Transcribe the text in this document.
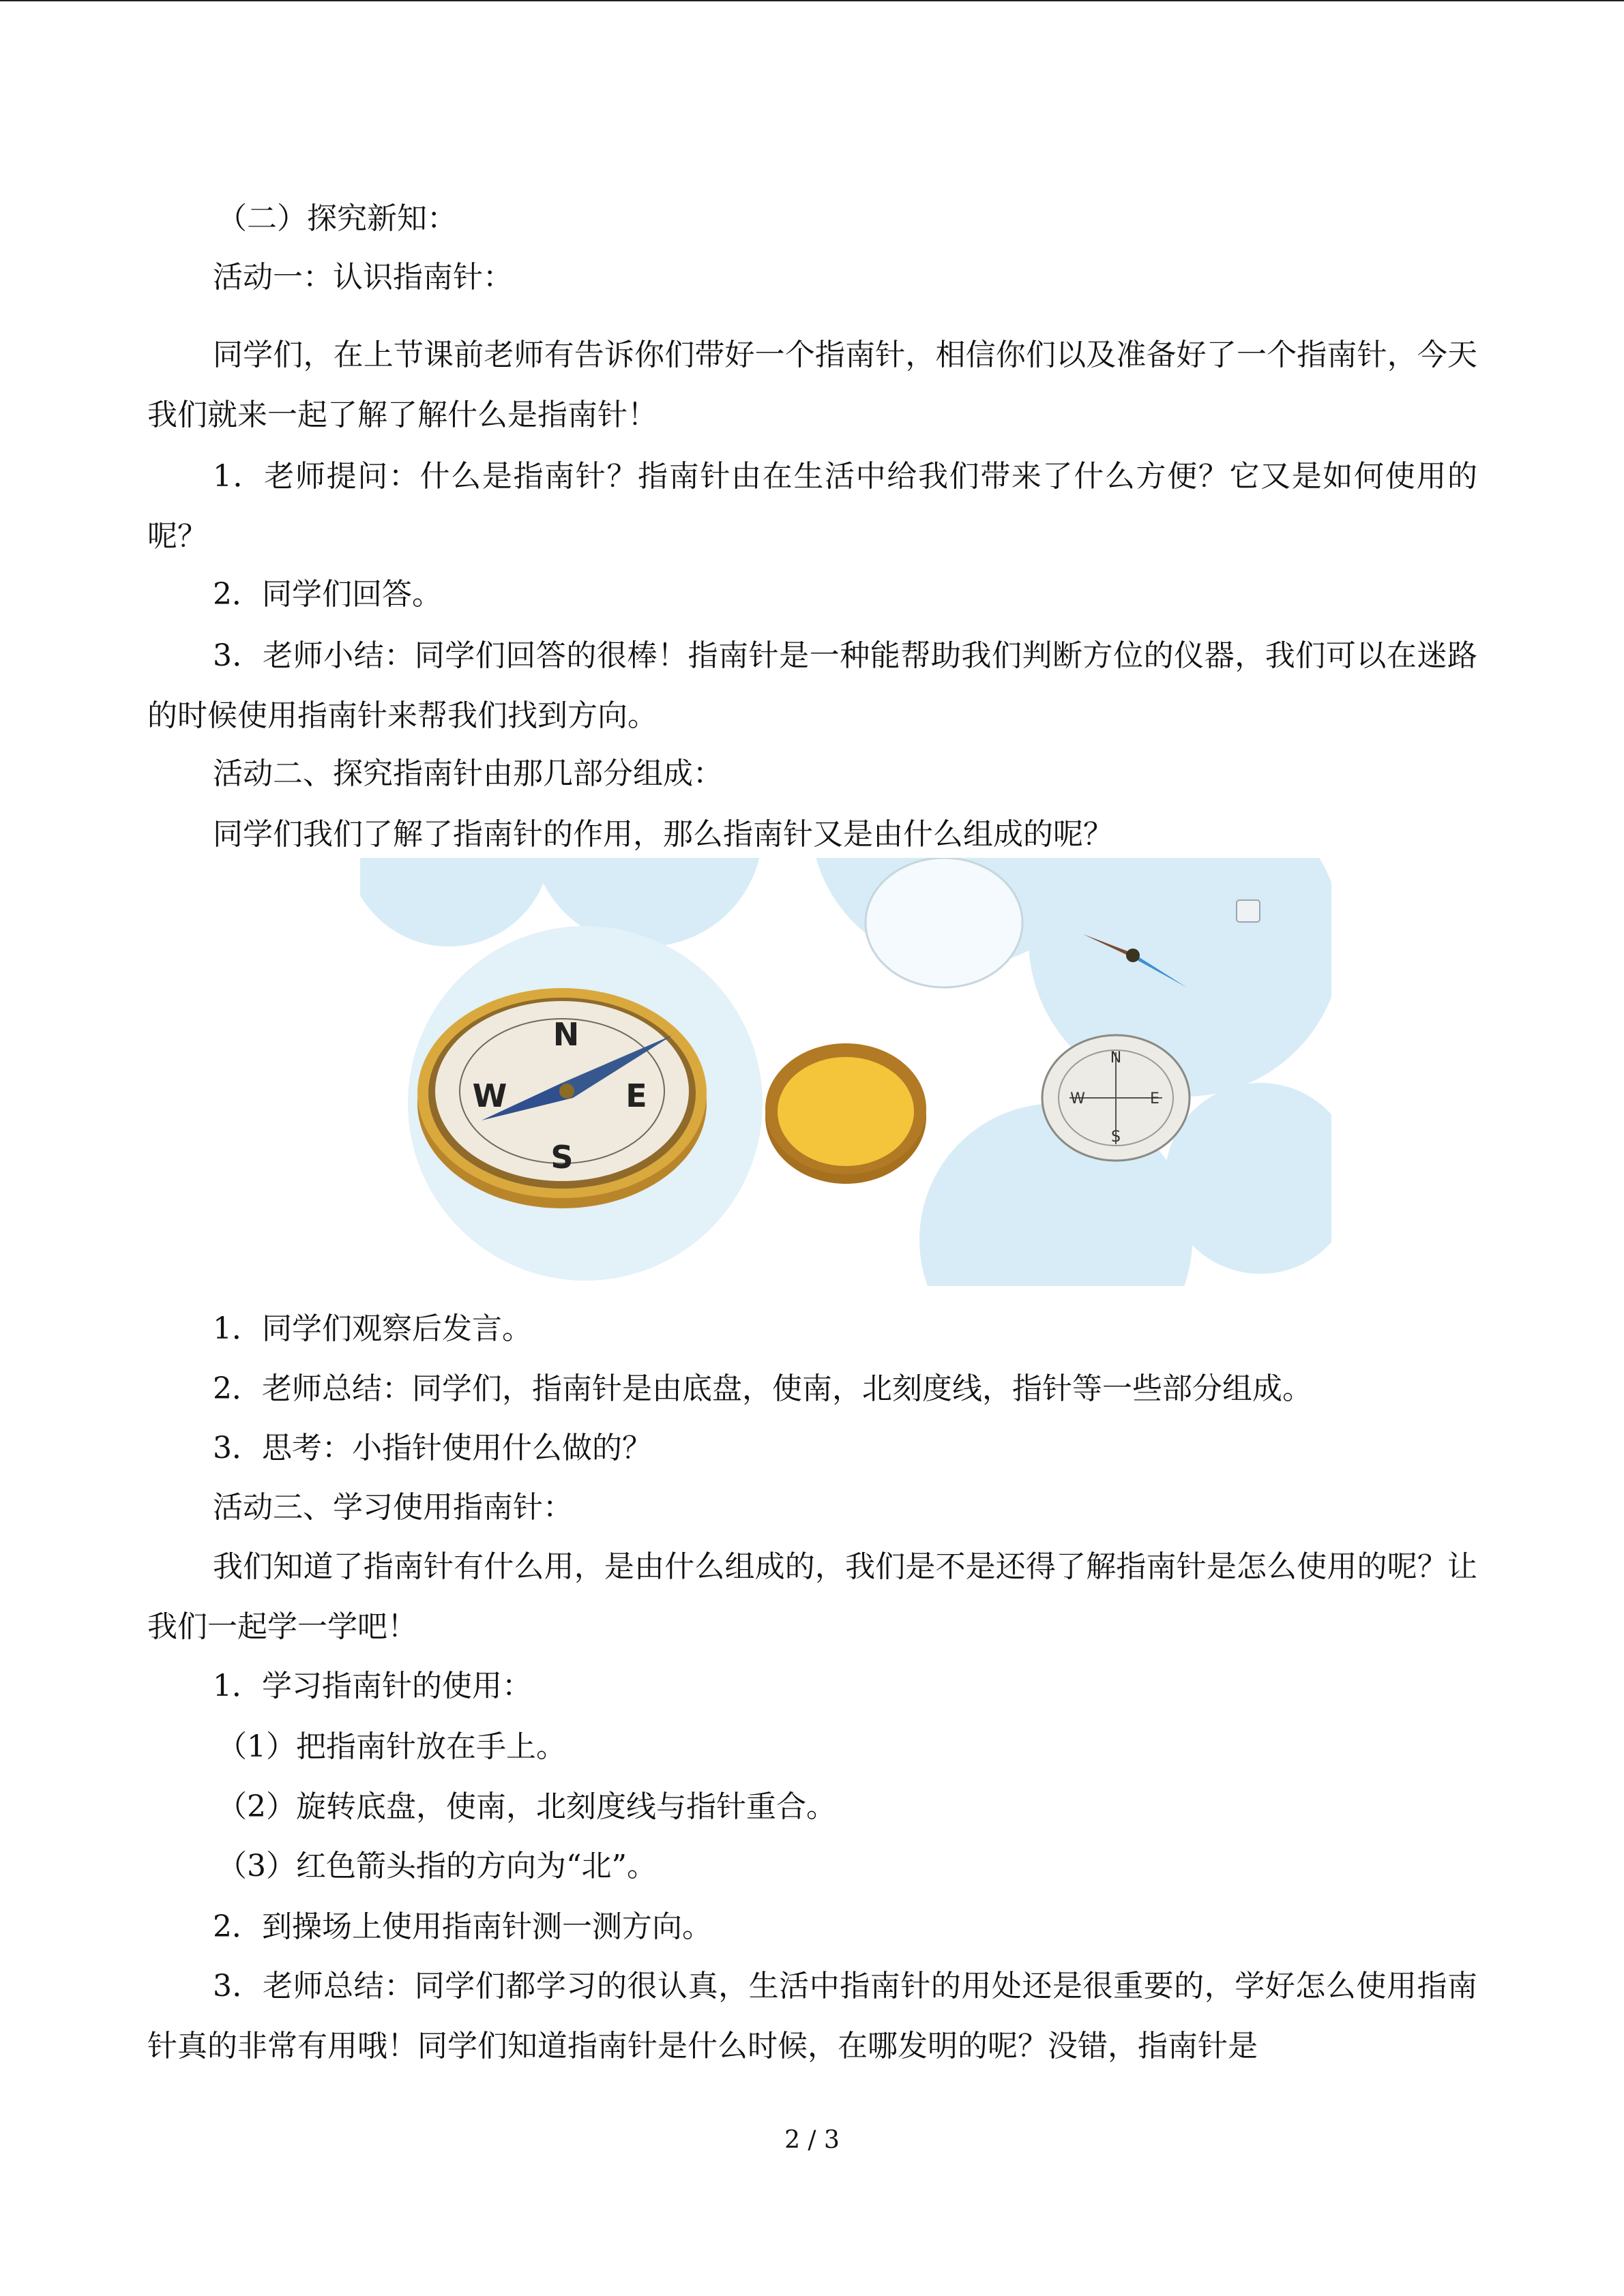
（二）探究新知：

活动一：认识指南针：

同学们，在上节课前老师有告诉你们带好一个指南针，相信你们以及准备好了一个指南针，今天我们就来一起了解了解什么是指南针！

1．老师提问：什么是指南针？指南针由在生活中给我们带来了什么方便？它又是如何使用的呢？

2．同学们回答。

3．老师小结：同学们回答的很棒！指南针是一种能帮助我们判断方位的仪器，我们可以在迷路的时候使用指南针来帮我们找到方向。

活动二、探究指南针由那几部分组成：

同学们我们了解了指南针的作用，那么指南针又是由什么组成的呢？

N
S
E
W
N
S
E
W

1．同学们观察后发言。

2．老师总结：同学们，指南针是由底盘，使南，北刻度线，指针等一些部分组成。

3．思考：小指针使用什么做的？

活动三、学习使用指南针：

我们知道了指南针有什么用，是由什么组成的，我们是不是还得了解指南针是怎么使用的呢？让我们一起学一学吧！

1．学习指南针的使用：

（1）把指南针放在手上。

（2）旋转底盘，使南，北刻度线与指针重合。

（3）红色箭头指的方向为“北”。

2．到操场上使用指南针测一测方向。

3．老师总结：同学们都学习的很认真，生活中指南针的用处还是很重要的，学好怎么使用指南针真的非常有用哦！同学们知道指南针是什么时候，在哪发明的呢？没错，指南针是

2 / 3
